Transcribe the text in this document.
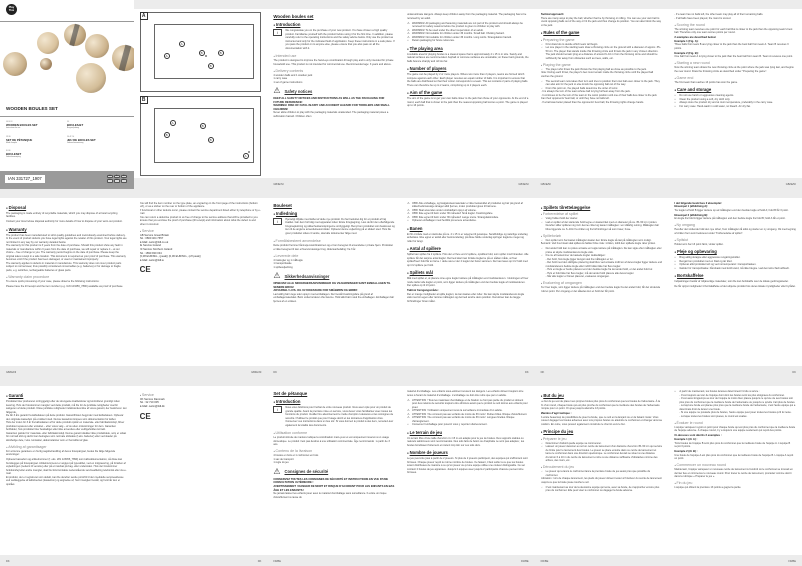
Play Tive
WOODEN BOULES SET
GB IE NI
WOODEN BOULES SET
Instructions for use
DK
BOULESÆT
Brugsvejledning
FR BE
SET DE PÉTANQUE
Mode d'emploi
DE AT CH
JEU DE BOULES SET
Gebrauchsanweisung
NL BE
BOULESET
Gebruiksaanwijzing
IAN 331727_1907	GB	IE	NI
DK	FR	BE
A
A
A
B	B
B
B
A
A
B
B
B
GB/IE/NI
Wooden boules set
● Introduction
i	We congratulate you on the purchase of your new product. You have chosen a high quality product. Familiarise yourself with the product before using it for the first time. In addition, please carefully refer to the operating instructions and the safety advice below. Only use the product as instructed and only for the indicated field of application. Keep these instructions in a safe place. If you pass the product on to anyone else, please ensure that you also pass on all the documentation with it.
● Intended use
The product is designed to improve the hand-eye coordination through play and is only intended for private household use. This product is not intended for commercial use. Recommended age: 3 years and above.
● Delivery contents
4 wooden balls and 1 wooden jack
1 carry case
1 set of game instructions
⚠ Safety notices
KEEP ALL SAFETY NOTICES AND INSTRUCTIONS AS WELL AS THE PACKAGING FOR FUTURE REFERENCE!
WARNING! RISK OF FATAL INJURY AND ACCIDENT HAZARD FOR TODDLERS AND SMALL CHILDREN!
Never allow children to play with the packaging materials unattended. The packaging material poses a suffocation hazard. Children often
GB/IE/NI
underestimate dangers. Always keep children away from the packaging material. The packaging has to be removed by an adult.
⚠ WARNING! All packaging and fastening materials are not part of the product and should always be removed for safety reasons before the product is given to children to play with.
⚠ WARNING! To be used under the direct supervision of an adult.
⚠ WARNING! Not suitable for children under 36 months. Small ball. Choking hazard.
⚠ WARNING! Not suitable for children under 36 months. Long cords. Strangulation hazard.
□ Retain packaging for future reference.
● The playing area
A suitable area for playing boules is a cleared space that is approximately 4 x 15 m in size. Sandy and natural surfaces are recommended. Asphalt or concrete surfaces are unsuitable; on these hard grounds, the balls bounce sharply and roll too far.
● Number of players
The game can be played by 2 or more players. Where two more than 2 players, teams are formed which compete against each other. Each player receives an equal number of balls. It is important to ensure that the balls are distributed so that their colour corresponds to a team. This set contains 2 pairs of playing balls. There can therefore be up to 2 teams, comprising up to 2 players each.
● Aim of the game
The aim of the game is to get your own balls closer to the jack than those of your opponents. At the end of a round, each ball that is closer to the jack than the nearest opposing ball scores a point. The game is played up to 13 points.
GB/IE/NI
Tactical approach:
There are many ways to play the ball, whether that be by throwing or rolling. You can use your own ball to knock opposing balls out of the way or hit the jack and thus change its position. You can also block the way to the jack.
● Rules of the game
● Preparing the game
□ First draw lots to decide which team will begin.
□ Let one player in the starting team draw a throwing circle on the ground with a diameter of approx. 35–50 cm. The player that stands inside this throwing circle and throws the jack in any chosen direction. The jack should remain lying at a distance of around 6–10 m from the throwing circle and should be sufficiently far away from obstacles such as trees, walls, etc.
● Playing the game
□ The player who threw the jack throws the first playing ball as close as possible to the jack.
Note: During each throw, the player's feet must remain inside the throwing circle until the played ball touches the ground.
□ The second team now takes their turn and tries to position their own ball even closer to the jack. They can also aim for the jack or else knock the opposing ball out of the way.
□ From this point on, the played balls determine the order of turns:
- It is always the turn of the team whose ball is lying furthest away from the jack.
- It continues to be the turn of the team in the worst position until one of their balls lies closer to the jack than their opponents' best ball, or until they have no balls left.
- If a ball was better placed than the opponents' best ball, the throwing rights change hands.
GB/IE/NI
- If a team has no balls left, the other team may play all of their remaining balls.
- If all balls have been played, the round is scored.
● Scoring the round
The winning team receives one point for each ball that is closer to the jack than the opposing team's best ball. Therefore only one team scores points per round.
2 examples are described below:
Example 1 (Fig. A):
Three balls from team B are lying closer to the jack than the best ball from team A. Team B receives 3 points.
Example 2 (Fig. B):
One ball from team A is lying closer to the jack than the best ball from team B. Team A receives one point.
● Starting a new round
Now the winning team draws the new throwing circle at the point where the jack was lying last, and begins the new round. Draw the throwing circle as described under "Preparing the game".
● Game end
The first team that reaches 13 points has won the game.
● Care and storage
□ Do not use harsh or aggressive cleaning agents.
□ Clean the product using a soft, dry cloth only.
□ Always store the product dry and at room temperature, preferably in the carry case.
□ For carry case: Hand-wash in cold water, no bleach. Air dry flat.
GB/IE/NI
● Disposal
The packaging is made entirely of recyclable materials, which you may dispose of at local recycling facilities.
Contact your local refuse disposal authority for more details of how to dispose of your worn-out product.
● Warranty
The product has been manufactured to strict quality guidelines and meticulously examined before delivery. In the event of product defects you have legal rights against the retailer of this product. Your legal rights are not limited in any way by our warranty detailed below.
The warranty for this product is 3 years from the date of purchase. Should this product show any fault in materials or manufacture within 3 years from the date of purchase, we will repair or replace it – at our choice – free of charge to you. The warranty period begins on the date of purchase. Please keep the original sales receipt in a safe location. This document is required as your proof of purchase. This warranty becomes void if the product has been damaged, or used or maintained improperly.
The warranty applies to defects in material or manufacture. This warranty does not cover product parts subject to normal wear, thus possibly considered consumables (e.g. batteries) or for damage to fragile parts, e.g. switches, rechargeable batteries or glass parts.
● Warranty claim procedure
To ensure quick processing of your case, please observe the following instructions:
Please have the till receipt and the item number (e.g. IAN 123456_7890) available as proof of purchase.
GB/IE/NI
You will find the item number on the type plate, an engraving on the front page of the instructions (bottom left), or as a sticker on the rear or bottom of the appliance.
If functional or other defects occur, please contact the service department listed either by telephone or by e-mail.
You can return a defective product to us free of charge to the service address that will be provided to you. Ensure that you enclose the proof of purchase (till receipt) and information about what the defect is and when it occurred.
● Service
GB Service Great Britain
Tel.: 0800 404 7657
E-Mail: owim@lidl.co.uk
IE Service Ireland
NI Service Northern Ireland
Tel.: 1890 930 034
(0,08 EUR/Min., (peak)) (0,06 EUR/Min., (off peak))
E-Mail: owim@lidl.ie
CE
DK
Bouleset
● Indledning
i	Hjerteligt tillykke med købet af dette nye produkt. Du har besluttet dig for et produkt af høj kvalitet. Gør dem fortrolig med apparatet inden første ibrugtagning. Læs derfor den efterfølgende brugsvejledning og sikkerhedsanvisningerne omhyggeligt. Benyt kun produktet som beskrevet og kun til de angivne anvendelsesområder. Opbevar denne vejledning på et sikkert sted. Hvis De giver produktet videre til andre, skal alle dokumenter følge med.
● Formålsbestemt anvendelse
Dette produkt fremme hånd-øje-koordinationen og er kun beregnet til anvendelse i private hjem. Produktet er ikke beregnet til den erhvervsmæssige brug. Aldersanbefaling: fra 3 år.
● Leverede dele
4 trækugler og 1 målkugle
1 transporttaske
1 spillevejledning
⚠ Sikkerhedsanvisninger
OPBEVAR ALLE SIKKERHEDSANVISNINGER OG VEJLEDNINGER SAMT EMBALLAGEN TIL SENERE BRUG!
ADVARSEL! LIVS- OG ULYKKESFARE FOR SMÅBØRN OG BØRN!
Lad aldrig børn lege uden opsyn med emballagen. Der består kvælningsfare på grund af emballagematerialet. Børn undervurderer ofte farerne. Hold altid børn væk fra emballagen. Emballagen bør fjernes af en voksen.
DK
⚠ OBS! Alle emballage- og fastgørelsesmaterialer er ikke bestanddel af produktet og bør på grund af sikkerhedsmæssige årsager altid fjernes, inden produktet gives til børnene.
⚠ OBS! Skal anvendes under umiddelbart opsyn af voksne.
⚠ OBS! Ikke egnet til børn under 36 måneder! Små kugler. Kvælningsfare.
⚠ OBS! Ikke egnet til børn under 36 måneder! Lange snore. Strangulationsfare.
□ Opbevar emballagen med henblik på senere anvendelse.
● Banen
Et frit område med en størrelse på ca. 4 x 15 m er velegnet til petanque. Sandholdige og naturlige underlag anbefales. Ikke egnet er asfalt eller betonunderlag; på disse hårde underlag springer kuglerne meget og ruller for langt.
● Antal af spillere
Spillet kan spilles fra 2 spillere. Hvis der er flere end 2 spillere, opstilles hold, som spiller mod hinanden. Alle spillere får det samme antal kugler. Dermed skal man fordele kuglerne på en sådan måde, at hver spiller/hvert hold får én farve. I dette sæt er der 2 kugler der hører sammen. Der kan laves op til 2 hold med op til 2 spillere per hold.
● Spillets mål
Mål med spillet er, at placere sine egne kugler tættere på målkuglen end modstanderen. I slutningen af hver runde tæller alle kugler et point, som ligger tættere på målkuglen end den bedste kugle af modstanderen. Der spilles op til 13 point.
Taktisk fremgangsmåde:
Der er mange muligheder at spille kuglen; de kan kastes eller ruller. De kan skyde modstanderens kugle væk med sin egen eller ramme målkuglen og dermed ændre dens position. Derudover kan de lægge forhindringer foran målet.
DK
● Spillets tilrettelæggelse
● Forberedelse af spillet
□ Vælg hvilket hold der starter.
□ Lad en spiller af det startende hold tegne en kastecirkel med en diameter på ca. 35–50 cm i jorden. Derefter stiller spilleren sig ind i denne cirkel og kaster målkuglen i en vilkårlig retning. Målkuglen bør blive liggende ca. 6–10m fra cirklen og fra forhindringer så som træer, huse.
● Spilleforløb
□ Den spiller som har kastet målkuglen kaster den første kugle så tæt på målkuglen som muligt.
Bemærk: Ved hvert kast skal spillerens fødder blive inde i cirklen, indtil den spillede kugle rører jorden.
□ Det andet hold kan nu prøve at kaste en kugle tættere på målkuglen. De kan sigte efter målkuglen eller prøve at skyde modstanderens kugle væk.
□ Fra nu af bestemmer de kastede kugler rækkefølgen:
- Det hold, hvis kugle ligger længst væk fra målkuglen er tur.
- Det hold med den dårligste placering skal blive ved at kaste indtil én af deres kugler ligger tættere end modstanderens bedste kugle eller indtil holdet ikke har flere kugler.
- Hvis en kugle er bedre placeret end den bedste kugle fra det andet hold, er det andet hold tur.
- Hvis et hold ikke har flere kugler, må det andet hold placere alle deres kugler.
- Når alle kugler er blevet placeret, evalueres omgangen.
● Evaluering af omgangen
Per hver kugle, som ligger tættere på målkuglen end den bedste kugle fra det andet hold, får det vindende hold et point. Per omgang er det således kun et hold der får point.
DK
I det følgende beskrives 2 eksempler:
Eksempel 1 (afbildning A):
Tre kugler af hold B ligger tættere op ad målkuglen end den bedste kugle af hold A; hold B får 3 point.
Eksempel 2 (afbildning B):
En kugle fra hold A ligger tættere på målkuglen end den bedste kugle fra hold B; hold A får et point.
● Ny omgang
Herefter det vindende hold den nye cirkel, hvor målkuglen lå sidst og starter en ny omgang. Ok med tegning af cirklen frem som beskrevet under "Forberedelse af spillet".
● Spilslut
Holdet som har 13 point først, vinder spillet.
● Pleje og opbevaring
□ Brug aldrig skrappe eller aggressive rengøringsmidler.
□ Rengør kun produktet med en blød og tør klud.
□ Opbevar altid produktet tørt og ved rumtemperatur i transporttasken.
□ Gælder for transporttaske: håndvask med koldt vand, må ikke blegne. Lad den tørre fladt udbredt.
● Bortskaffelse
Indpakningen består af miljøvenlige materialer, som De kan bortskaffe over de lokale genbrugssteder.
De får oplyst muligheder til bortskaffelse af det udtjente produkt hos deres lokale myndigheder eller byrådet.
DK
● Garanti
Produktet blev produceret omhyggeligt efter de strengeste kvalitetskrav og kontrolleret grundigt inden levering. Hvis der forekommer mangler ved dette produkt, må De for de juridiske rettigheder overfor sælgeren af dette produkt. Disse juridiske rettigheder indskrænkes ikke af vores garanti, der beskrives i det følgende.
De får 3 års garanti fra købsdatoen på dette produkt. Garantifristen begynder med købsdatoen. Opbevar den originale kassebon på et sikkert sted. Denne kassebon kræves som dokumentation for købet.
Hvis der inden for 3 år fra købsdatoen af for dette produkt opstår en materiale- eller fabrikationsfejl, bliver produktet repareret eller erstattet – efter vores valg – af os uden omkostninger for dem. Garantien bortfalder, hvis produktet blev beskadiget eller ikke anvendes eller vedligeholdes korrekt.
Garantien gælder for materiale- eller fabrikationsfejl. Denne garanti dækker ikke produktdele, som er udsat for normalt slid og derfor kan betragtes som normale slidsdele (f.eks. batterier) eller ved skader på skrøbelige dele, f.eks. kontakter, akkumulatorer som er fremstillet af glas.
● Afvikling af garantisager
For at kunne garantere en hurtig sagsbehandling af deres forespørgsel, bedes De følge følgende anvisninger:
Opbevar kassebon og artikelnummer (f. eks. IAN 123456_7890) som købsdokumentation, så disse kan fremlægges på forespørgsel. Artikelnummeret er angivet på typeskiltet, ved en indgravering, på forsiden af vejledningen (nederst til venstre) eller på et mærkat på bag- eller undersiden. Hvis der forekommer funktionsfejl eller andre mangler, skal De først kontakte nedenstående serviceafdeling telefonisk eller via e-mail.
Et produkt, der er registreret som defekt, kan De derefter sende portofrit til den meddelte serviceadresse ved vedlæggelse af købsbeviset (kassebon) og angivelse af, hvori manglen består, og hvornår den er opstået.
DK
● Service
DK Service Danmark
Tel.: 32 710 005
E-Mail: owim@lidl.dk
CE
FR/BE
Set de pétanque
● Introduction
i	Nous vous félicitons pour l'achat de votre nouveau produit. Vous avez opté pour un produit de grande qualité. Avant la première mise en service, vous devez vous familiariser avec toutes les fonctions du produit. Veuillez lire attentivement le mode d'emploi ci-dessous et les consignes de sécurité. N'utilisez le produit que pour l'usage décrit et les domaines d'application cités. Conservez ces instructions dans un lieu sûr. Si vous donnez le produit à des tiers, remettez-leur également la totalité des documents.
● Utilisation conforme
Le produit stimule de manière ludique la coordination main-yeux et est uniquement réservé à un usage domestique. Le produit n'est pas destiné à une utilisation commerciale. Âge recommandé : à partir de 3 ans.
● Contenu de la livraison
4 boules en bois et 1 cochonnet en bois
1 sac de transport
1 règle du jeu
⚠ Consignes de sécurité
CONSERVEZ TOUTES LES CONSIGNES DE SÉCURITÉ ET INSTRUCTIONS EN VUE D'UNE CONSULTATION ULTÉRIEURE !
AVERTISSEMENT ! DANGER DE MORT ET RISQUE D'ACCIDENT POUR LES ENFANTS EN BAS ÂGE ET LES ENFANTS !
Ne jamais laisser les enfants jouer avec le matériel d'emballage sans surveillance. Il existe un risque d'étouffement à cause du
FR/BE
matériel d'emballage. Les enfants sous-estiment souvent les dangers. Les enfants doivent toujours être tenus à l'écart du matériel d'emballage. L'emballage ne doit être retiré que par un adulte.
⚠ ATTENTION ! Tous les matériaux d'emballage et de fixation ne font pas partie du produit et doivent pour des raisons de sécurité toujours être éliminés avant que le produit ne soit donné aux enfants pour jouer.
⚠ ATTENTION ! Utilisation uniquement sous la surveillance immédiate d'un adulte.
⚠ ATTENTION ! Ne convient pas aux enfants de moins de 36 mois ! Petites billes. Risque d'étouffement.
⚠ ATTENTION ! Ne convient pas aux enfants de moins de 36 mois ! Longues ficelles. Risque d'étranglement.
□ Conserver l'emballage pour pouvoir vous y reporter ultérieurement.
● Le terrain de jeu
Un terrain libre d'une taille d'environ 4 x 15 m est adapté pour le jeu de boules. Des supports stables ou naturels sablonneux sont recommandés. Des sols faits de béton ou d'asphalte ne sont pas adaptés ; les boules bondissent fortement et roulent trop loin sur ces sols durs.
● Nombre de joueurs
Le jeu peut être joué à partir de 2 joueurs. Si plus de 2 joueurs participent, des équipes qui s'affrontent sont formées. Chaque joueur reçoit le même nombre de boules. Ce faisant, il faut veiller à ce que les boules soient distribuées de manière à ce qu'un joueur ou qu'une équipe utilise une couleur distinguable. Ce set contient 2 boules de jeu appariées. Jusqu'à 2 équipes avec jusqu'à 2 participants chacune peuvent être formées.
FR/BE
● But du jeu
Le but du jeu est de placer ses propres boules plus près du cochonnet que les boules de l'adversaire. À la fin d'un round, chaque boule qui est plus proche du cochonnet que la meilleure des boules de l'adversaire compte pour un point. On joue jusqu'à atteindre 13 points.
Manière d'agir tactique :
Il existe beaucoup de possibilités de jouer la boule, que ce soit en la lançant ou en la faisant rouler. Vous pouvez dégager les boules adverses avec vos propres boules ou atteindre le cochonnet et changer ainsi sa position. En outre, vous pouvez également construire le chemin vers le but.
● Principe du jeu
● Préparer le jeu
□ Déterminez d'abord quelle équipe va commencer.
□ Laissez un joueur dessiner au sol un cercle de lancement d'un diamètre d'environ 35–50 cm qui servira de limite pour le lancement des boules. Le joueur se place ensuite dans ce cercle de lancement et lance le cochonnet dans une direction quelconque. Le cochonnet devrait se situer à une distance d'environ 6 à 10 m du cercle de lancement et être à une distance suffisante d'obstacles comme des arbres, des murs, etc.
● Déroulement du jeu
□ Le joueur qui a lancé le cochonnet lance la première boule de jeu aussi près que possible du cochonnet.
Indication : lors de chaque lancement, les pieds du joueur doivent rester à l'intérieur du cercle de lancement jusqu'à ce que la boule jouée touche le sol.
□ C'est maintenant au tour de la deuxième équipe qui tente, avec sa boule, de s'approcher encore plus près du cochonnet. Elle peut viser le cochonnet ou dégager la boule adverse.
FR/BE
□ À partir de maintenant, les boules lancées déterminent l'ordre à suivre :
- C'est toujours au tour de l'équipe dont dont les boules sont les plus éloignées du cochonnet.
- C'est aussi longtemps au tour de l'équipe la moins bien placée jusqu'à ce qu'une de ses boules soit plus près du cochonnet que la meilleure boule de l'adversaire ou jusqu'à ce qu'elle n'ait plus de boules.
- Lorsqu'une boule est placée plus près que la meilleure boule de l'adversaire, c'est l'autre équipe qui a désormais droit de lancer une boule.
- Si une équipe ne possède plus de boules, l'autre équipe peut jouer toutes les boules qu'il lui reste.
- Lorsque toutes les boules sont jouées, le round est évalué.
● Évaluer le round
L'équipe vainqueur reçoit un point pour chaque boule qui est plus près du cochonnet que la meilleure boule de l'équipe adverse. À chaque round, il y a toujours une équipe seulement qui reçoit des points.
Ci-dessous sont décrits 2 exemples :
Exemple 1 (ill. A) :
Trois boules de l'équipe B sont plus près du cochonnet que la meilleure boule de l'équipe A. L'équipe B reçoit 3 points.
Exemple 2 (ill. B) :
Une boule de l'équipe A est plus près du cochonnet que la meilleure boule de l'équipe B. L'équipe A reçoit un point.
● Commencer un nouveau round
Maintenant, l'équipe vainqueur un nouveau cercle de lancement à l'endroit où le cochonnet se trouvait en dernier lieu et commence le nouveau round. Pour tracer le cercle de lancement, procédez comme décrit dans la rubrique « Préparer le jeu ».
● Fin du jeu
L'équipe qui obtient la première 13 points a gagné la partie.
